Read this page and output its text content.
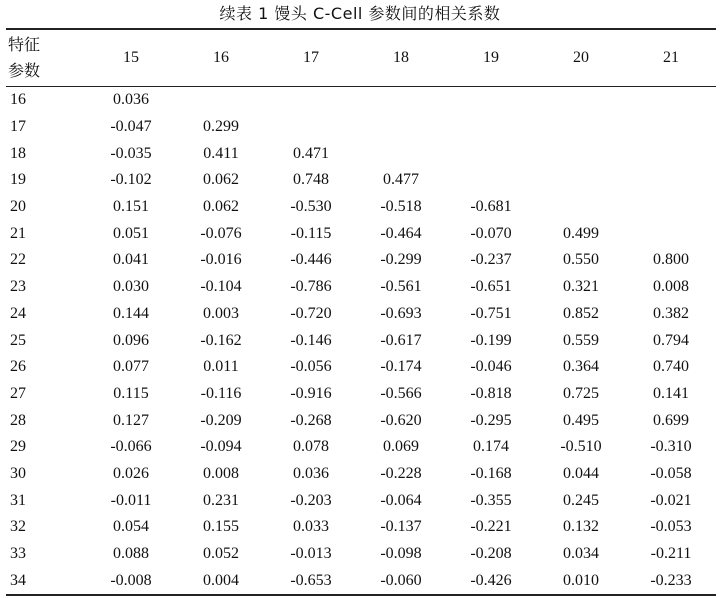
续表 1 馒头 C-Cell 参数间的相关系数
特征
参数	15	16	17	18	19	20	21
16	0.036						
17	-0.047	0.299					
18	-0.035	0.411	0.471				
19	-0.102	0.062	0.748	0.477			
20	0.151	0.062	-0.530	-0.518	-0.681		
21	0.051	-0.076	-0.115	-0.464	-0.070	0.499	
22	0.041	-0.016	-0.446	-0.299	-0.237	0.550	0.800
23	0.030	-0.104	-0.786	-0.561	-0.651	0.321	0.008
24	0.144	0.003	-0.720	-0.693	-0.751	0.852	0.382
25	0.096	-0.162	-0.146	-0.617	-0.199	0.559	0.794
26	0.077	0.011	-0.056	-0.174	-0.046	0.364	0.740
27	0.115	-0.116	-0.916	-0.566	-0.818	0.725	0.141
28	0.127	-0.209	-0.268	-0.620	-0.295	0.495	0.699
29	-0.066	-0.094	0.078	0.069	0.174	-0.510	-0.310
30	0.026	0.008	0.036	-0.228	-0.168	0.044	-0.058
31	-0.011	0.231	-0.203	-0.064	-0.355	0.245	-0.021
32	0.054	0.155	0.033	-0.137	-0.221	0.132	-0.053
33	0.088	0.052	-0.013	-0.098	-0.208	0.034	-0.211
34	-0.008	0.004	-0.653	-0.060	-0.426	0.010	-0.233
